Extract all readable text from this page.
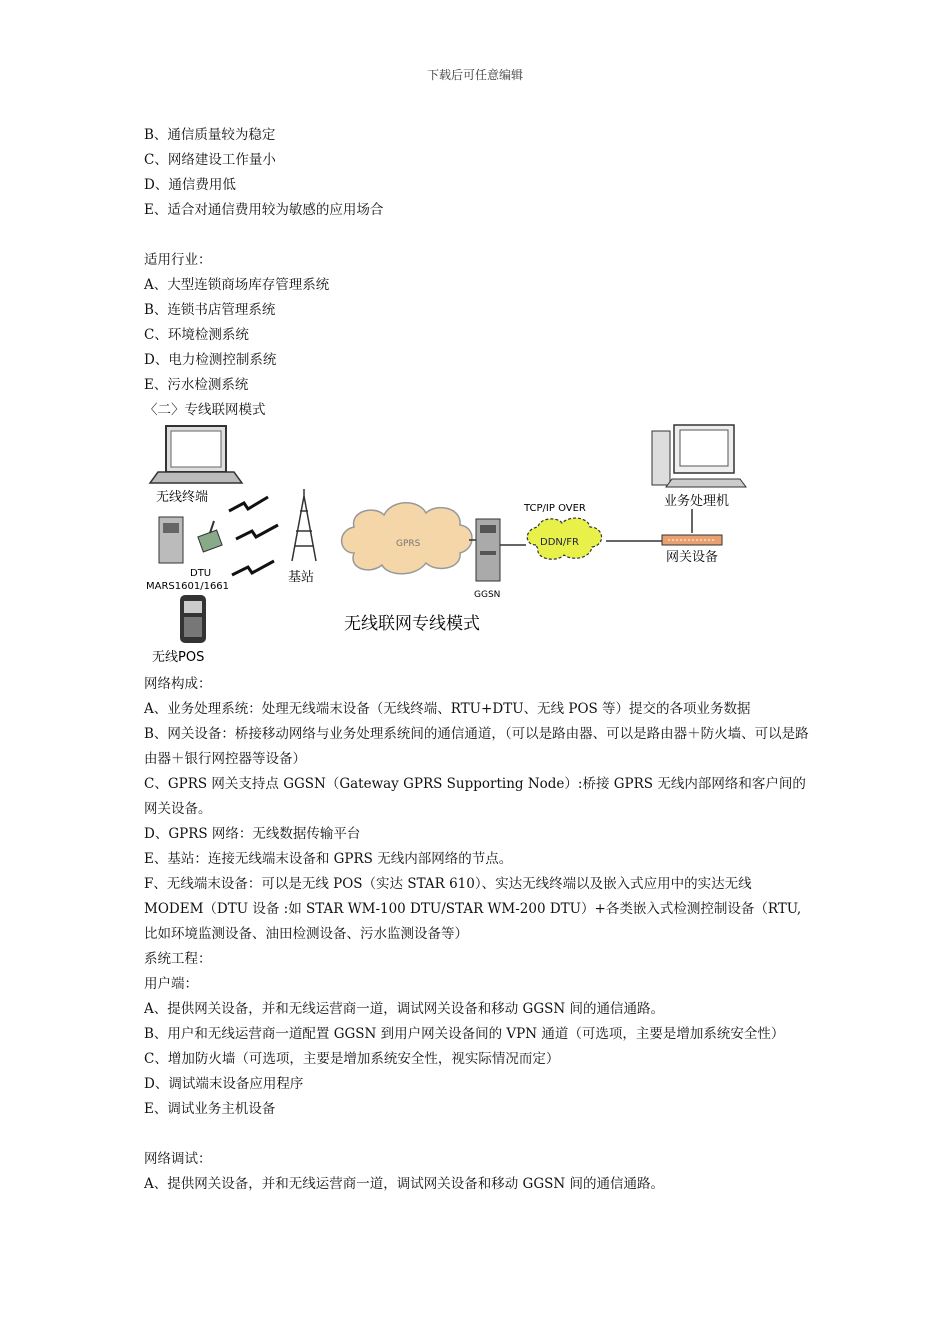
下载后可任意编辑

B、通信质量较为稳定

C、网络建设工作量小

D、通信费用低

E、适合对通信费用较为敏感的应用场合

适用行业：

A、大型连锁商场库存管理系统

B、连锁书店管理系统

C、环境检测系统

D、电力检测控制系统

E、污水检测系统

〈二〉专线联网模式

无线终端
DTU
MARS1601/1661
无线POS
基站
GPRS
GGSN
TCP/IP OVER
DDN/FR
业务处理机
网关设备
无线联网专线模式

网络构成：

A、业务处理系统：处理无线端末设备（无线终端、RTU+DTU、无线 POS 等）提交的各项业务数据

B、网关设备：桥接移动网络与业务处理系统间的通信通道，（可以是路由器、可以是路由器＋防火墙、可以是路由器＋银行网控器等设备）

C、GPRS 网关支持点 GGSN（Gateway GPRS Supporting Node）:桥接 GPRS 无线内部网络和客户间的网关设备。

D、GPRS 网络：无线数据传输平台

E、基站：连接无线端末设备和 GPRS 无线内部网络的节点。

F、无线端末设备：可以是无线 POS（实达 STAR 610）、实达无线终端以及嵌入式应用中的实达无线 MODEM（DTU 设备 :如 STAR WM-100 DTU/STAR WM-200 DTU）+各类嵌入式检测控制设备（RTU,比如环境监测设备、油田检测设备、污水监测设备等）

系统工程：

用户端：

A、提供网关设备，并和无线运营商一道，调试网关设备和移动 GGSN 间的通信通路。

B、用户和无线运营商一道配置 GGSN 到用户网关设备间的 VPN 通道（可选项，主要是增加系统安全性）

C、增加防火墙（可选项，主要是增加系统安全性，视实际情况而定）

D、调试端末设备应用程序

E、调试业务主机设备

网络调试：

A、提供网关设备，并和无线运营商一道，调试网关设备和移动 GGSN 间的通信通路。
